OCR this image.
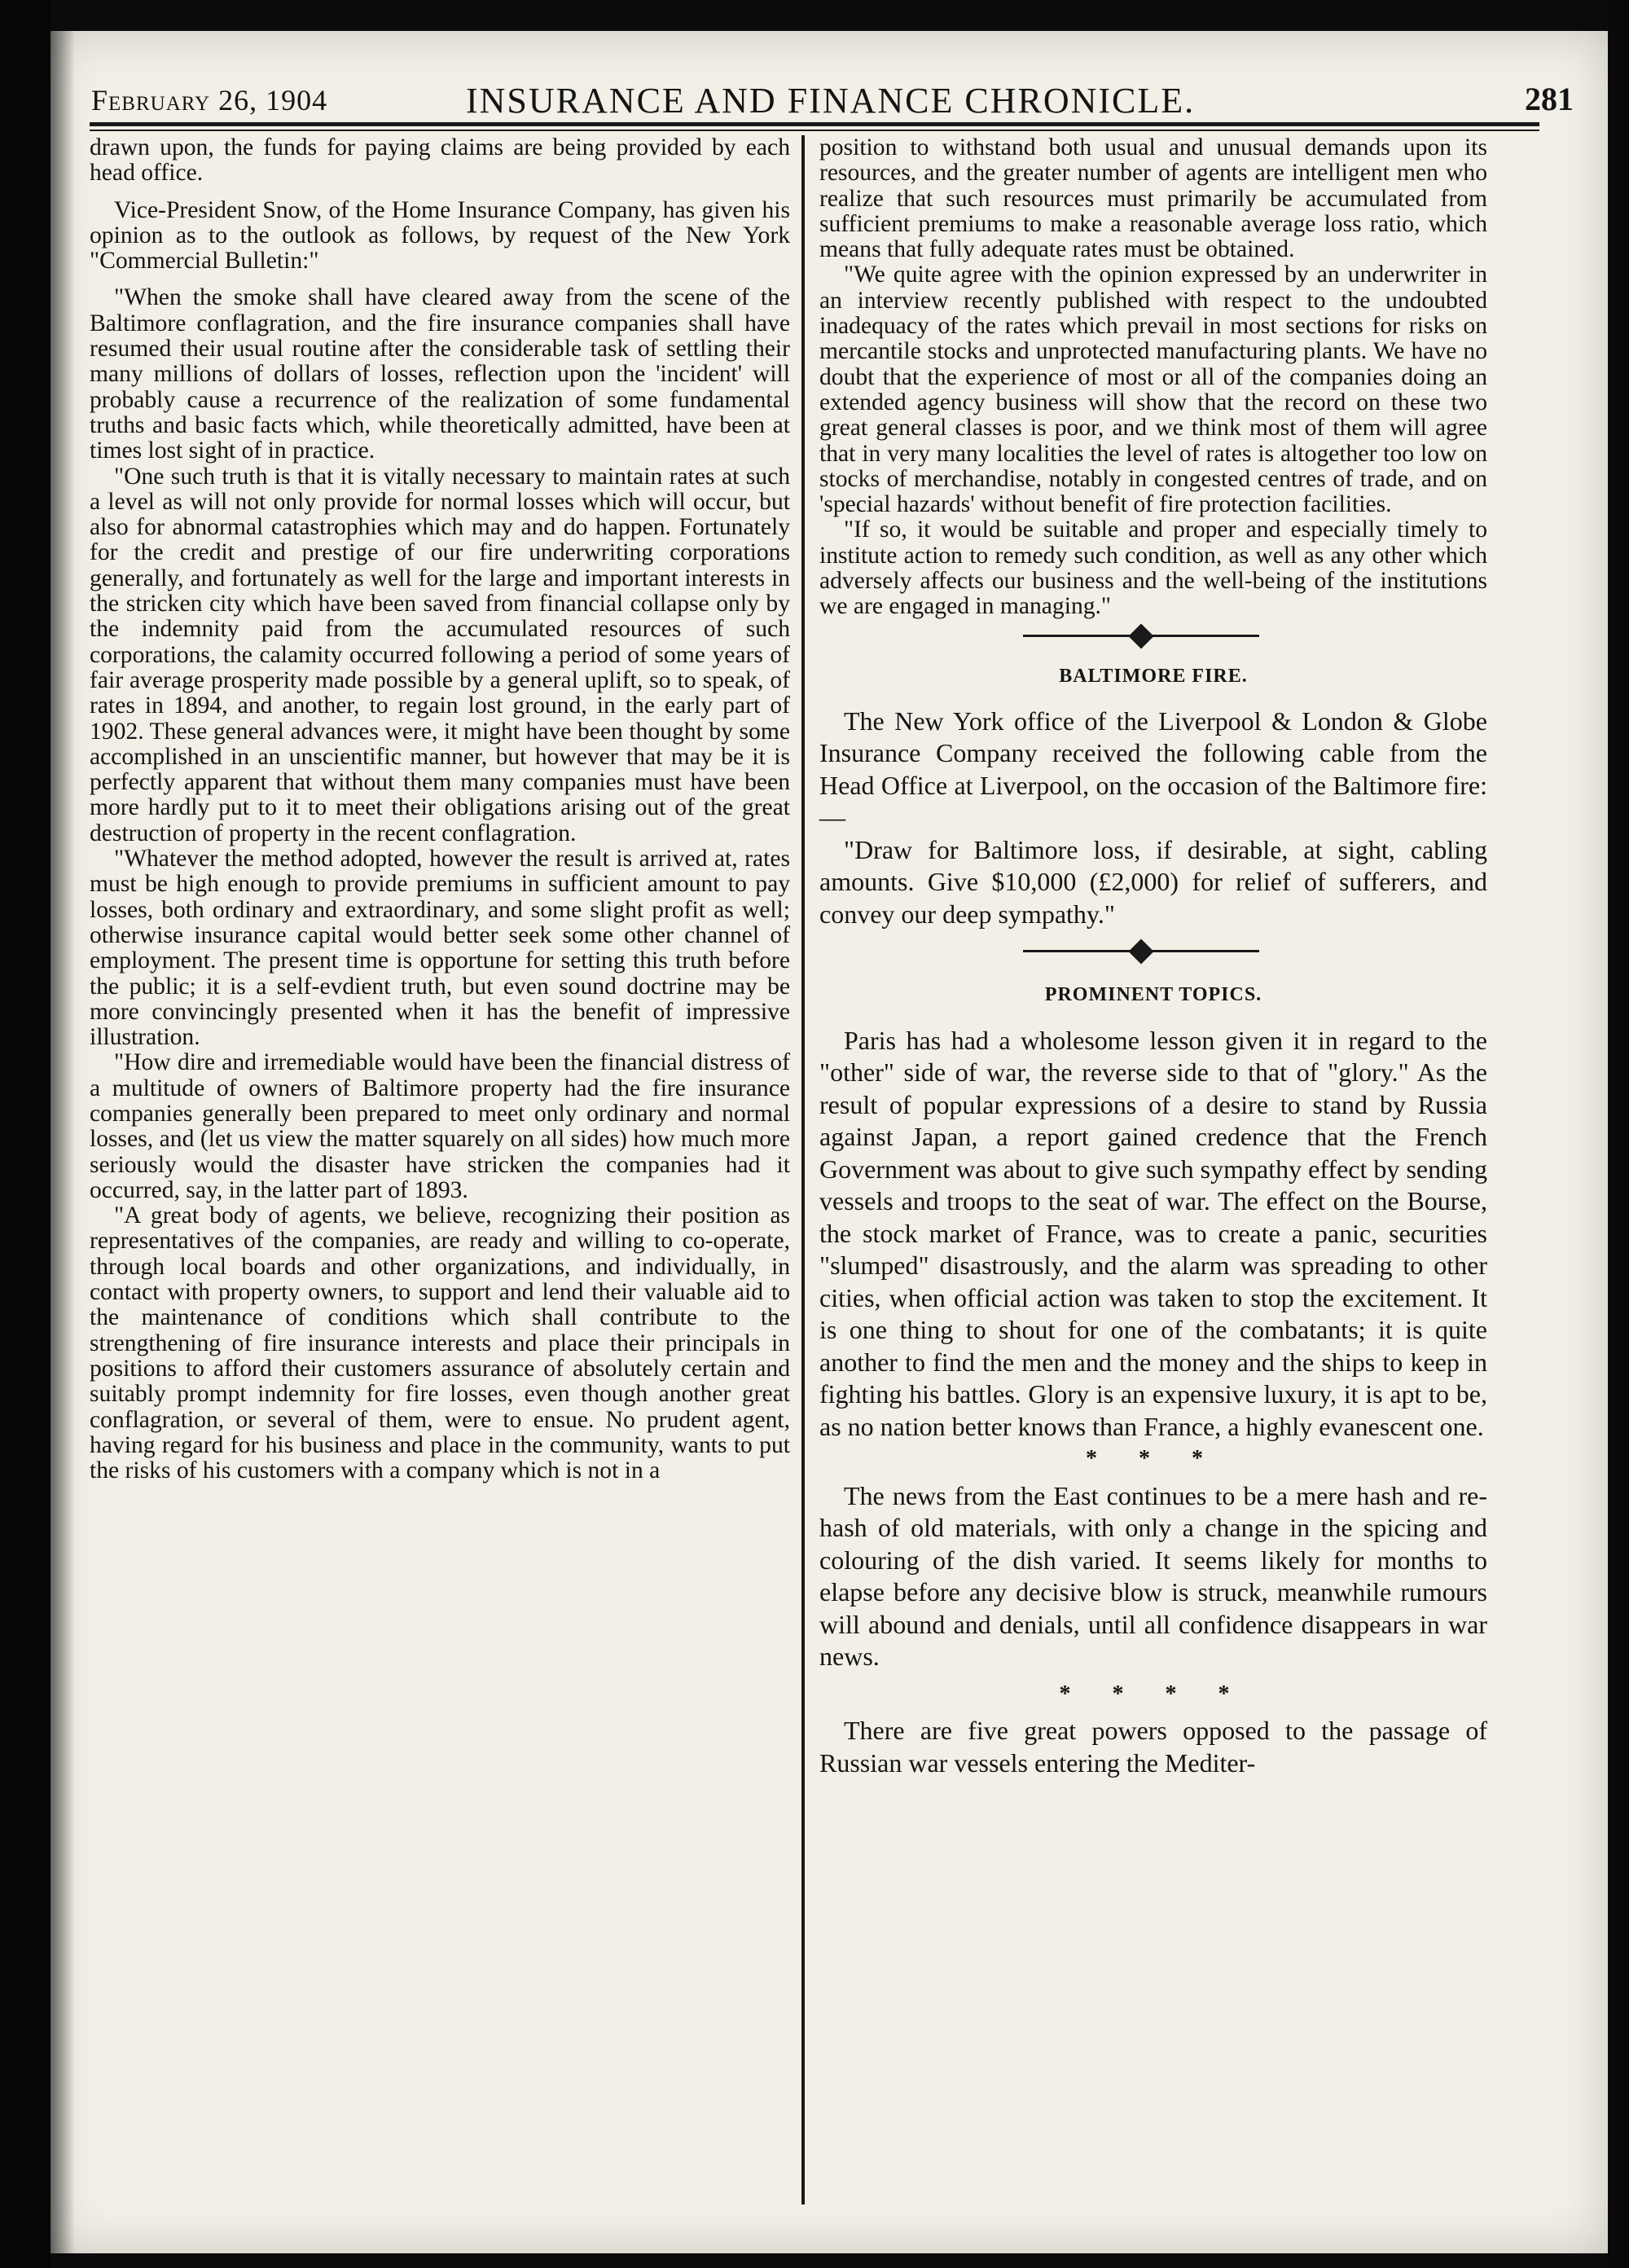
February 26, 1904	INSURANCE AND FINANCE CHRONICLE.	281

drawn upon, the funds for paying claims are being provided by each head office.

Vice-President Snow, of the Home Insurance Company, has given his opinion as to the outlook as follows, by request of the New York "Commercial Bulletin:"

"When the smoke shall have cleared away from the scene of the Baltimore conflagration, and the fire insurance companies shall have resumed their usual routine after the considerable task of settling their many millions of dollars of losses, reflection upon the 'incident' will probably cause a recurrence of the realization of some fundamental truths and basic facts which, while theoretically admitted, have been at times lost sight of in practice.

"One such truth is that it is vitally necessary to maintain rates at such a level as will not only provide for normal losses which will occur, but also for abnormal catastrophies which may and do happen. Fortunately for the credit and prestige of our fire underwriting corporations generally, and fortunately as well for the large and important interests in the stricken city which have been saved from financial collapse only by the indemnity paid from the accumulated resources of such corporations, the calamity occurred following a period of some years of fair average prosperity made possible by a general uplift, so to speak, of rates in 1894, and another, to regain lost ground, in the early part of 1902. These general advances were, it might have been thought by some accomplished in an unscientific manner, but however that may be it is perfectly apparent that without them many companies must have been more hardly put to it to meet their obligations arising out of the great destruction of property in the recent conflagration.

"Whatever the method adopted, however the result is arrived at, rates must be high enough to provide premiums in sufficient amount to pay losses, both ordinary and extraordinary, and some slight profit as well; otherwise insurance capital would better seek some other channel of employment. The present time is opportune for setting this truth before the public; it is a self-evdient truth, but even sound doctrine may be more convincingly presented when it has the benefit of impressive illustration.

"How dire and irremediable would have been the financial distress of a multitude of owners of Baltimore property had the fire insurance companies generally been prepared to meet only ordinary and normal losses, and (let us view the matter squarely on all sides) how much more seriously would the disaster have stricken the companies had it occurred, say, in the latter part of 1893.

"A great body of agents, we believe, recognizing their position as representatives of the companies, are ready and willing to co-operate, through local boards and other organizations, and individually, in contact with property owners, to support and lend their valuable aid to the maintenance of conditions which shall contribute to the strengthening of fire insurance interests and place their principals in positions to afford their customers assurance of absolutely certain and suitably prompt indemnity for fire losses, even though another great conflagration, or several of them, were to ensue. No prudent agent, having regard for his business and place in the community, wants to put the risks of his customers with a company which is not in a

position to withstand both usual and unusual demands upon its resources, and the greater number of agents are intelligent men who realize that such resources must primarily be accumulated from sufficient premiums to make a reasonable average loss ratio, which means that fully adequate rates must be obtained.

"We quite agree with the opinion expressed by an underwriter in an interview recently published with respect to the undoubted inadequacy of the rates which prevail in most sections for risks on mercantile stocks and unprotected manufacturing plants. We have no doubt that the experience of most or all of the companies doing an extended agency business will show that the record on these two great general classes is poor, and we think most of them will agree that in very many localities the level of rates is altogether too low on stocks of merchandise, notably in congested centres of trade, and on 'special hazards' without benefit of fire protection facilities.

"If so, it would be suitable and proper and especially timely to institute action to remedy such condition, as well as any other which adversely affects our business and the well-being of the institutions we are engaged in managing."

BALTIMORE FIRE.

The New York office of the Liverpool & London & Globe Insurance Company received the following cable from the Head Office at Liverpool, on the occasion of the Baltimore fire:—

"Draw for Baltimore loss, if desirable, at sight, cabling amounts. Give $10,000 (£2,000) for relief of sufferers, and convey our deep sympathy."

PROMINENT TOPICS.

Paris has had a wholesome lesson given it in regard to the "other" side of war, the reverse side to that of "glory." As the result of popular expressions of a desire to stand by Russia against Japan, a report gained credence that the French Government was about to give such sympathy effect by sending vessels and troops to the seat of war. The effect on the Bourse, the stock market of France, was to create a panic, securities "slumped" disastrously, and the alarm was spreading to other cities, when official action was taken to stop the excitement. It is one thing to shout for one of the combatants; it is quite another to find the men and the money and the ships to keep in fighting his battles. Glory is an expensive luxury, it is apt to be, as no nation better knows than France, a highly evanescent one.

* * *

The news from the East continues to be a mere hash and re-hash of old materials, with only a change in the spicing and colouring of the dish varied. It seems likely for months to elapse before any decisive blow is struck, meanwhile rumours will abound and denials, until all confidence disappears in war news.

* * * *

There are five great powers opposed to the passage of Russian war vessels entering the Mediter-
